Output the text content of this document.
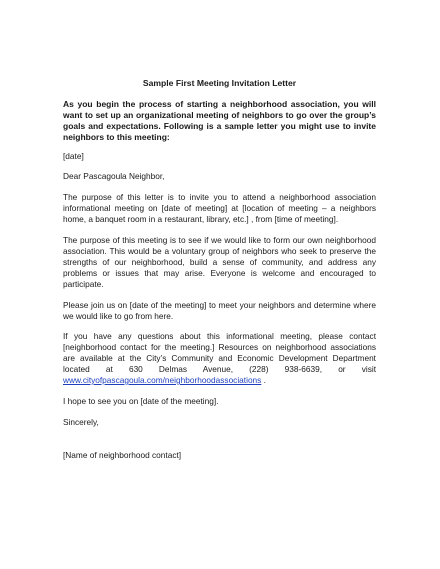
Sample First Meeting Invitation Letter
As you begin the process of starting a neighborhood association, you will want to set up an organizational meeting of neighbors to go over the group’s goals and expectations. Following is a sample letter you might use to invite neighbors to this meeting:

[date]

Dear Pascagoula Neighbor,

The purpose of this letter is to invite you to attend a neighborhood association informational meeting on [date of meeting] at [location of meeting – a neighbors home, a banquet room in a restaurant, library, etc.] , from [time of meeting].

The purpose of this meeting is to see if we would like to form our own neighborhood association. This would be a voluntary group of neighbors who seek to preserve the strengths of our neighborhood, build a sense of community, and address any problems or issues that may arise. Everyone is welcome and encouraged to participate.

Please join us on [date of the meeting] to meet your neighbors and determine where we would like to go from here.

If you have any questions about this informational meeting, please contact [neighborhood contact for the meeting.] Resources on neighborhood associations are available at the City’s Community and Economic Development Department located at 630 Delmas Avenue, (228) 938-6639, or visit www.cityofpascagoula.com/neighborhoodassociations .

I hope to see you on [date of the meeting].

Sincerely,

[Name of neighborhood contact]
